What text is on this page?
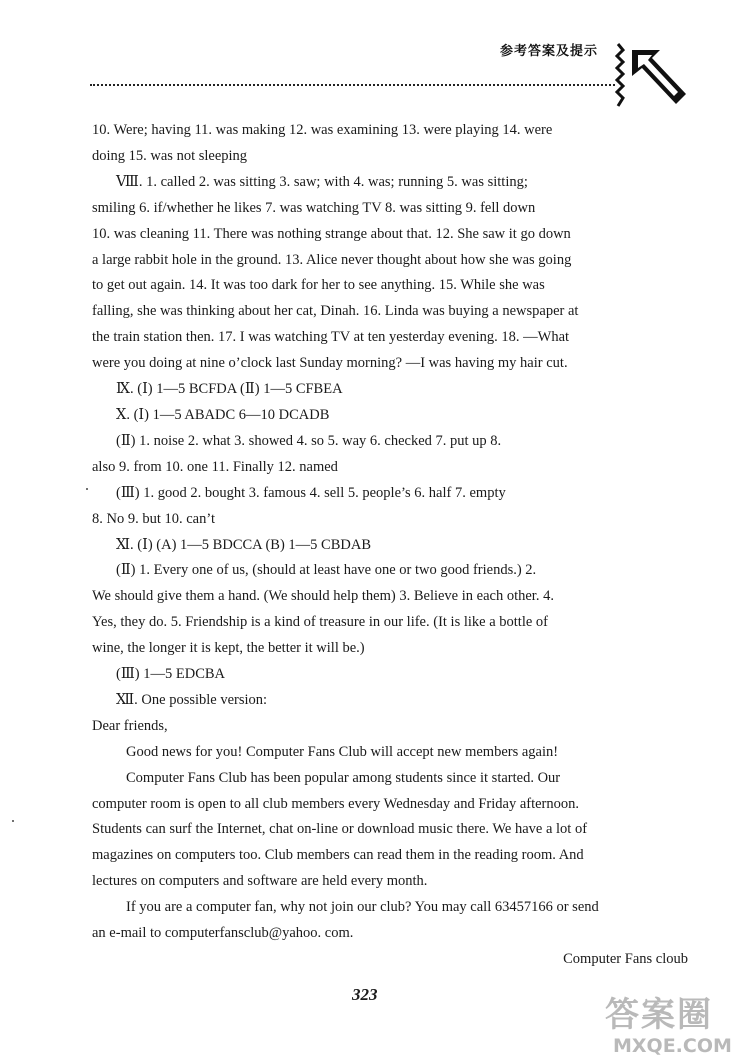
参考答案及提示

10. Were; having 11. was making 12. was examining 13. were playing 14. were

doing 15. was not sleeping

Ⅷ. 1. called 2. was sitting 3. saw; with 4. was; running 5. was sitting;

smiling 6. if/whether he likes 7. was watching TV 8. was sitting 9. fell down

10. was cleaning 11. There was nothing strange about that. 12. She saw it go down

a large rabbit hole in the ground. 13. Alice never thought about how she was going

to get out again. 14. It was too dark for her to see anything. 15. While she was

falling, she was thinking about her cat, Dinah. 16. Linda was buying a newspaper at

the train station then. 17. I was watching TV at ten yesterday evening. 18. —What

were you doing at nine o’clock last Sunday morning? —I was having my hair cut.

Ⅸ. (Ⅰ) 1—5 BCFDA (Ⅱ) 1—5 CFBEA

Ⅹ. (Ⅰ) 1—5 ABADC 6—10 DCADB

(Ⅱ) 1. noise 2. what 3. showed 4. so 5. way 6. checked 7. put up 8.

also 9. from 10. one 11. Finally 12. named

(Ⅲ) 1. good 2. bought 3. famous 4. sell 5. people’s 6. half 7. empty

8. No 9. but 10. can’t

Ⅺ. (Ⅰ) (A) 1—5 BDCCA (B) 1—5 CBDAB

(Ⅱ) 1. Every one of us, (should at least have one or two good friends.) 2.

We should give them a hand. (We should help them) 3. Believe in each other. 4.

Yes, they do. 5. Friendship is a kind of treasure in our life. (It is like a bottle of

wine, the longer it is kept, the better it will be.)

(Ⅲ) 1—5 EDCBA

Ⅻ. One possible version:

Dear friends,

Good news for you! Computer Fans Club will accept new members again!

Computer Fans Club has been popular among students since it started. Our

computer room is open to all club members every Wednesday and Friday afternoon.

Students can surf the Internet, chat on-line or download music there. We have a lot of

magazines on computers too. Club members can read them in the reading room. And

lectures on computers and software are held every month.

If you are a computer fan, why not join our club? You may call 63457166 or send

an e-mail to computerfansclub@yahoo. com.

Computer Fans cloub

323
答案圈
MXQE.COM
